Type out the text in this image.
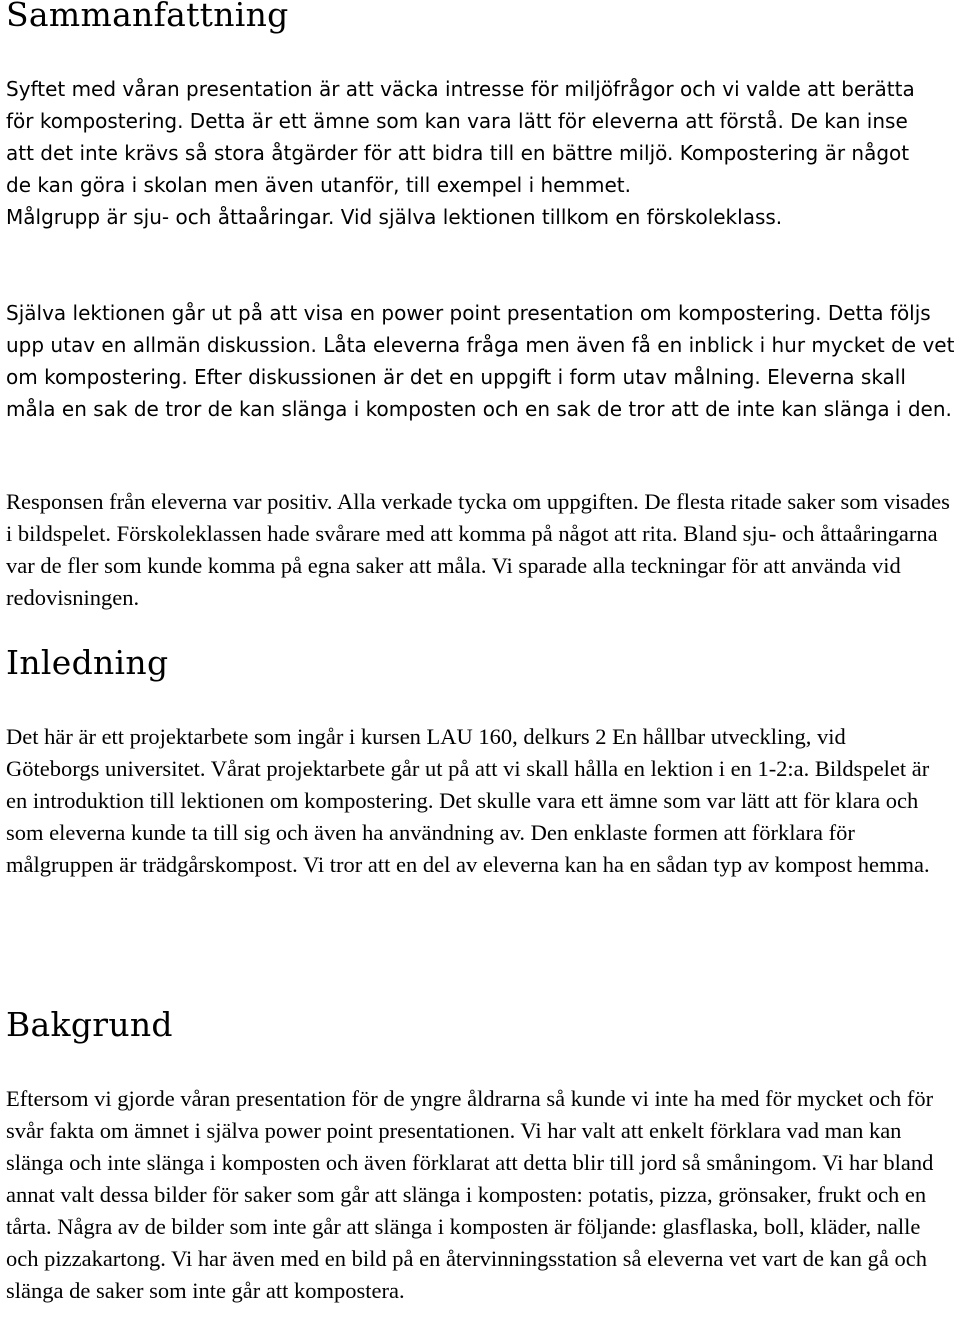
Sammanfattning

Syftet med våran presentation är att väcka intresse för miljöfrågor och vi valde att berätta för kompostering. Detta är ett ämne som kan vara lätt för eleverna att förstå. De kan inse att det inte krävs så stora åtgärder för att bidra till en bättre miljö. Kompostering är något de kan göra i skolan men även utanför, till exempel i hemmet.

Målgrupp är sju- och åttaåringar. Vid själva lektionen tillkom en förskoleklass.

Själva lektionen går ut på att visa en power point presentation om kompostering. Detta följs upp utav en allmän diskussion. Låta eleverna fråga men även få en inblick i hur mycket de vet om kompostering. Efter diskussionen är det en uppgift i form utav målning. Eleverna skall måla en sak de tror de kan slänga i komposten och en sak de tror att de inte kan slänga i den.

Responsen från eleverna var positiv. Alla verkade tycka om uppgiften. De flesta ritade saker som visades i bildspelet. Förskoleklassen hade svårare med att komma på något att rita. Bland sju- och åttaåringarna var de fler som kunde komma på egna saker att måla. Vi sparade alla teckningar för att använda vid redovisningen.

Inledning

Det här är ett projektarbete som ingår i kursen LAU 160, delkurs 2 En hållbar utveckling, vid Göteborgs universitet. Vårat projektarbete går ut på att vi skall hålla en lektion i en 1-2:a. Bildspelet är en introduktion till lektionen om kompostering. Det skulle vara ett ämne som var lätt att för klara och som eleverna kunde ta till sig och även ha användning av. Den enklaste formen att förklara för målgruppen är trädgårskompost. Vi tror att en del av eleverna kan ha en sådan typ av kompost hemma.

Bakgrund

Eftersom vi gjorde våran presentation för de yngre åldrarna så kunde vi inte ha med för mycket och för svår fakta om ämnet i själva power point presentationen. Vi har valt att enkelt förklara vad man kan slänga och inte slänga i komposten och även förklarat att detta blir till jord så småningom. Vi har bland annat valt dessa bilder för saker som går att slänga i komposten: potatis, pizza, grönsaker, frukt och en tårta. Några av de bilder som inte går att slänga i komposten är följande: glasflaska, boll, kläder, nalle och pizzakartong. Vi har även med en bild på en återvinningsstation så eleverna vet vart de kan gå och slänga de saker som inte går att kompostera.
